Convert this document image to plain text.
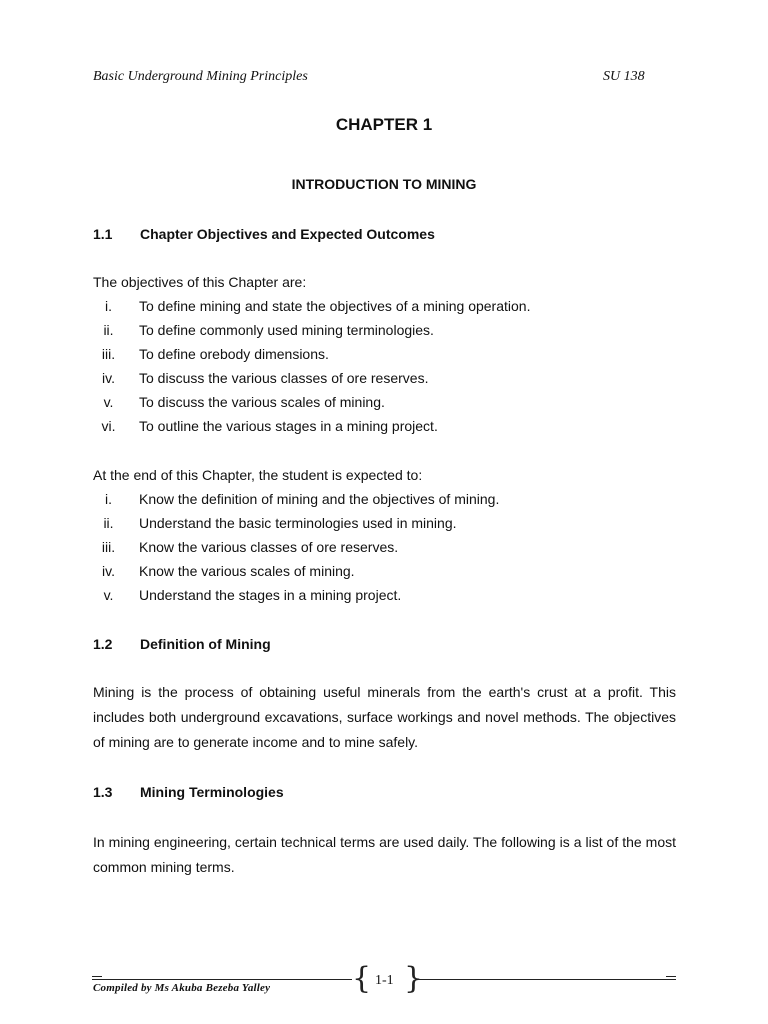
Basic Underground Mining Principles	SU 138
CHAPTER 1
INTRODUCTION TO MINING
1.1 Chapter Objectives and Expected Outcomes
The objectives of this Chapter are:
i. To define mining and state the objectives of a mining operation.
ii. To define commonly used mining terminologies.
iii. To define orebody dimensions.
iv. To discuss the various classes of ore reserves.
v. To discuss the various scales of mining.
vi. To outline the various stages in a mining project.
At the end of this Chapter, the student is expected to:
i. Know the definition of mining and the objectives of mining.
ii. Understand the basic terminologies used in mining.
iii. Know the various classes of ore reserves.
iv. Know the various scales of mining.
v. Understand the stages in a mining project.
1.2 Definition of Mining
Mining is the process of obtaining useful minerals from the earth's crust at a profit. This includes both underground excavations, surface workings and novel methods. The objectives of mining are to generate income and to mine safely.
1.3 Mining Terminologies
In mining engineering, certain technical terms are used daily. The following is a list of the most common mining terms.
{ 1-1 }
Compiled by Ms Akuba Bezeba Yalley
